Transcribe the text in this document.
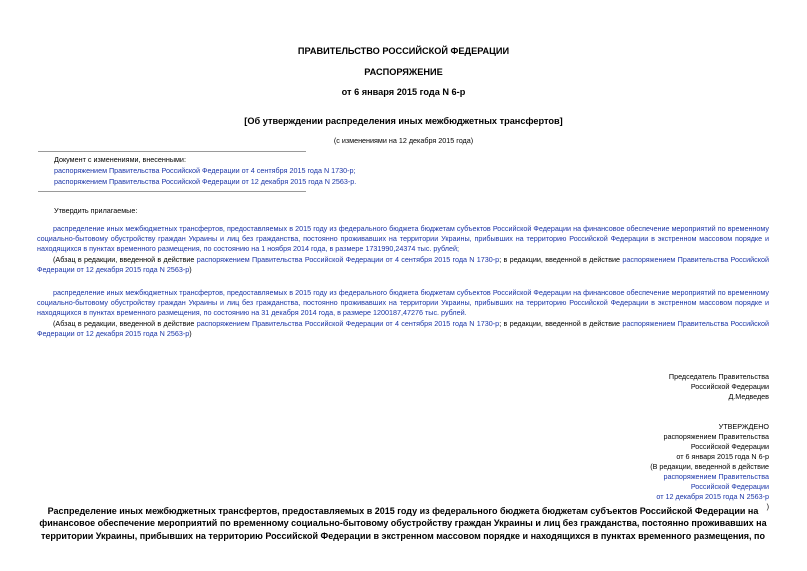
ПРАВИТЕЛЬСТВО РОССИЙСКОЙ ФЕДЕРАЦИИ
РАСПОРЯЖЕНИЕ
от 6 января 2015 года N 6-р
[Об утверждении распределения иных межбюджетных трансфертов]
(с изменениями на 12 декабря 2015 года)
Документ с изменениями, внесенными:
распоряжением Правительства Российской Федерации от 4 сентября 2015 года N 1730-р;
распоряжением Правительства Российской Федерации от 12 декабря 2015 года N 2563-р.
Утвердить прилагаемые:
распределение иных межбюджетных трансфертов, предоставляемых в 2015 году из федерального бюджета бюджетам субъектов Российской Федерации на финансовое обеспечение мероприятий по временному социально-бытовому обустройству граждан Украины и лиц без гражданства, постоянно проживавших на территории Украины, прибывших на территорию Российской Федерации в экстренном массовом порядке и находящихся в пунктах временного размещения, по состоянию на 1 ноября 2014 года, в размере 1731990,24374 тыс. рублей;
(Абзац в редакции, введенной в действие распоряжением Правительства Российской Федерации от 4 сентября 2015 года N 1730-р; в редакции, введенной в действие распоряжением Правительства Российской Федерации от 12 декабря 2015 года N 2563-р)
распределение иных межбюджетных трансфертов, предоставляемых в 2015 году из федерального бюджета бюджетам субъектов Российской Федерации на финансовое обеспечение мероприятий по временному социально-бытовому обустройству граждан Украины и лиц без гражданства, постоянно проживавших на территории Украины, прибывших на территорию Российской Федерации в экстренном массовом порядке и находящихся в пунктах временного размещения, по состоянию на 31 декабря 2014 года, в размере 1200187,47276 тыс. рублей.
(Абзац в редакции, введенной в действие распоряжением Правительства Российской Федерации от 4 сентября 2015 года N 1730-р; в редакции, введенной в действие распоряжением Правительства Российской Федерации от 12 декабря 2015 года N 2563-р)
Председатель Правительства
Российской Федерации
Д.Медведев
УТВЕРЖДЕНО
распоряжением Правительства
Российской Федерации
от 6 января 2015 года N 6-р
(В редакции, введенной в действие
распоряжением Правительства
Российской Федерации
от 12 декабря 2015 года N 2563-р
)
Распределение иных межбюджетных трансфертов, предоставляемых в 2015 году из федерального бюджета бюджетам субъектов Российской Федерации на финансовое обеспечение мероприятий по временному социально-бытовому обустройству граждан Украины и лиц без гражданства, постоянно проживавших на территории Украины, прибывших на территорию Российской Федерации в экстренном массовом порядке и находящихся в пунктах временного размещения, по
